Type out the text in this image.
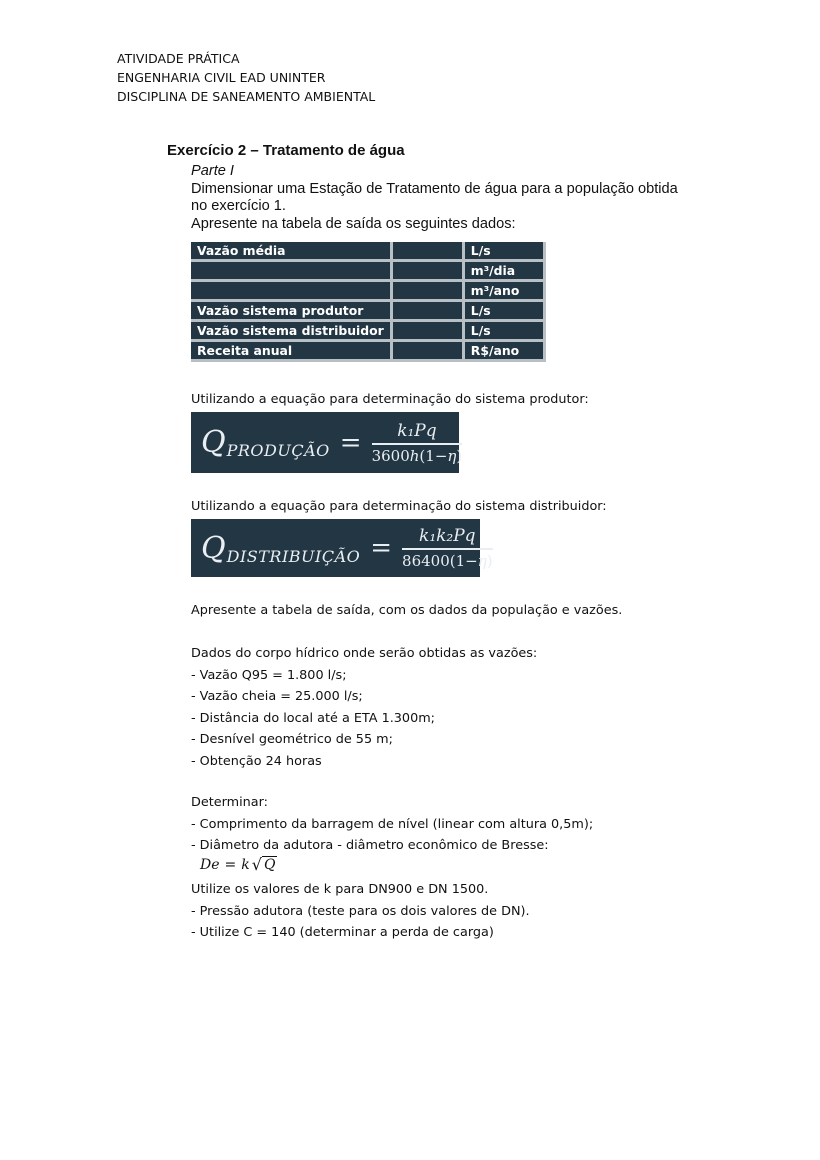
ATIVIDADE PRÁTICA
ENGENHARIA CIVIL EAD UNINTER
DISCIPLINA DE SANEAMENTO AMBIENTAL
Exercício 2 – Tratamento de água
Parte I
Dimensionar uma Estação de Tratamento de água para a população obtida
no exercício 1.
Apresente na tabela de saída os seguintes dados:
Vazão média		L/s
		m³/dia
		m³/ano
Vazão sistema produtor		L/s
Vazão sistema distribuidor		L/s
Receita anual		R$/ano
Utilizando a equação para determinação do sistema produtor:
Q PRODUÇÃO = $\frac{\text{k₁Pq}}{3600h(1-\eta)}$
Utilizando a equação para determinação do sistema distribuidor:
Q DISTRIBUIÇÃO = $\frac{\text{k₁k₂Pq}}{86400(1-\eta)}$
Apresente a tabela de saída, com os dados da população e vazões.
Dados do corpo hídrico onde serão obtidas as vazões:
- Vazão Q95 = 1.800 l/s;
- Vazão cheia = 25.000 l/s;
- Distância do local até a ETA 1.300m;
- Desnível geométrico de 55 m;
- Obtenção 24 horas
Determinar:
- Comprimento da barragem de nível (linear com altura 0,5m);
- Diâmetro da adutora - diâmetro econômico de Bresse:
De = k √ Q
Utilize os valores de k para DN900 e DN 1500.
- Pressão adutora (teste para os dois valores de DN).
- Utilize C = 140 (determinar a perda de carga)
